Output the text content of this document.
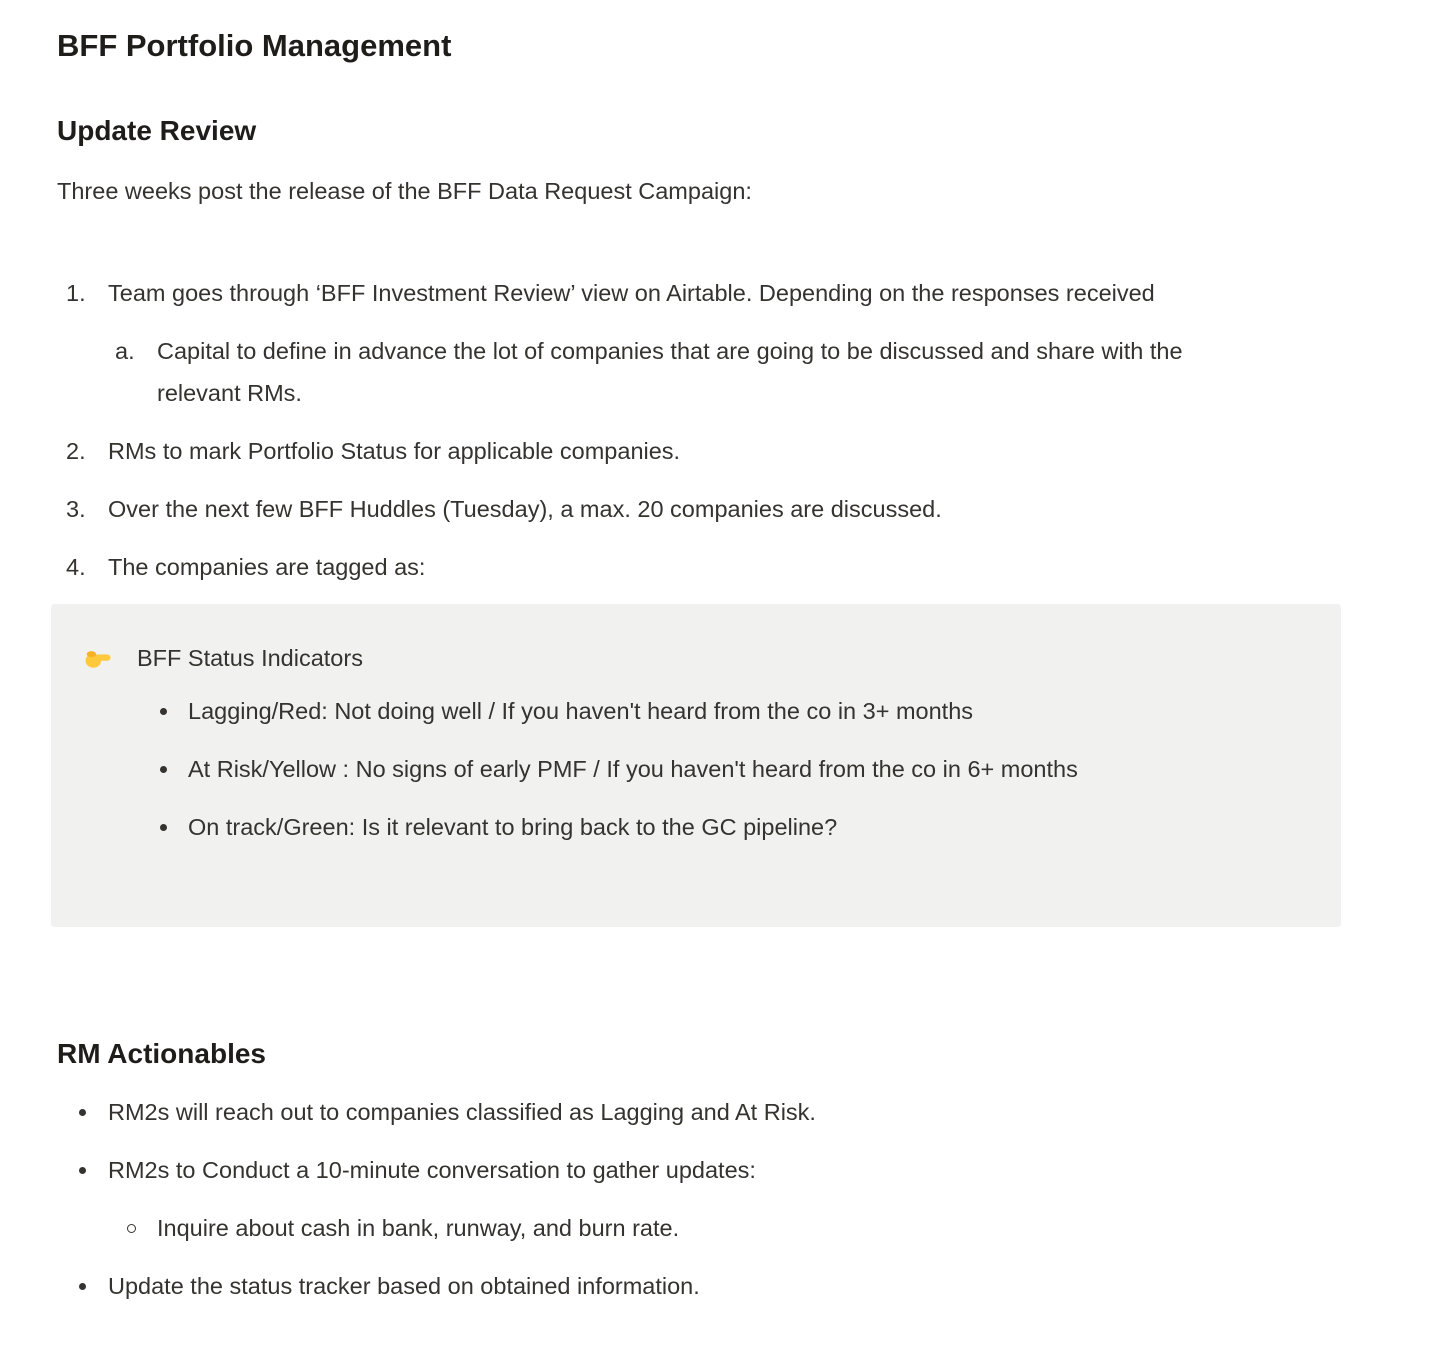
BFF Portfolio Management
Update Review

Three weeks post the release of the BFF Data Request Campaign:

1. Team goes through ‘BFF Investment Review’ view on Airtable. Depending on the responses received
a. Capital to define in advance the lot of companies that are going to be discussed and share with the relevant RMs.
2. RMs to mark Portfolio Status for applicable companies.
3. Over the next few BFF Huddles (Tuesday), a max. 20 companies are discussed.
4. The companies are tagged as:
BFF Status Indicators
Lagging/Red: Not doing well / If you haven't heard from the co in 3+ months
At Risk/Yellow : No signs of early PMF / If you haven't heard from the co in 6+ months
On track/Green: Is it relevant to bring back to the GC pipeline?
RM Actionables
RM2s will reach out to companies classified as Lagging and At Risk.
RM2s to Conduct a 10-minute conversation to gather updates:
Inquire about cash in bank, runway, and burn rate.
Update the status tracker based on obtained information.
